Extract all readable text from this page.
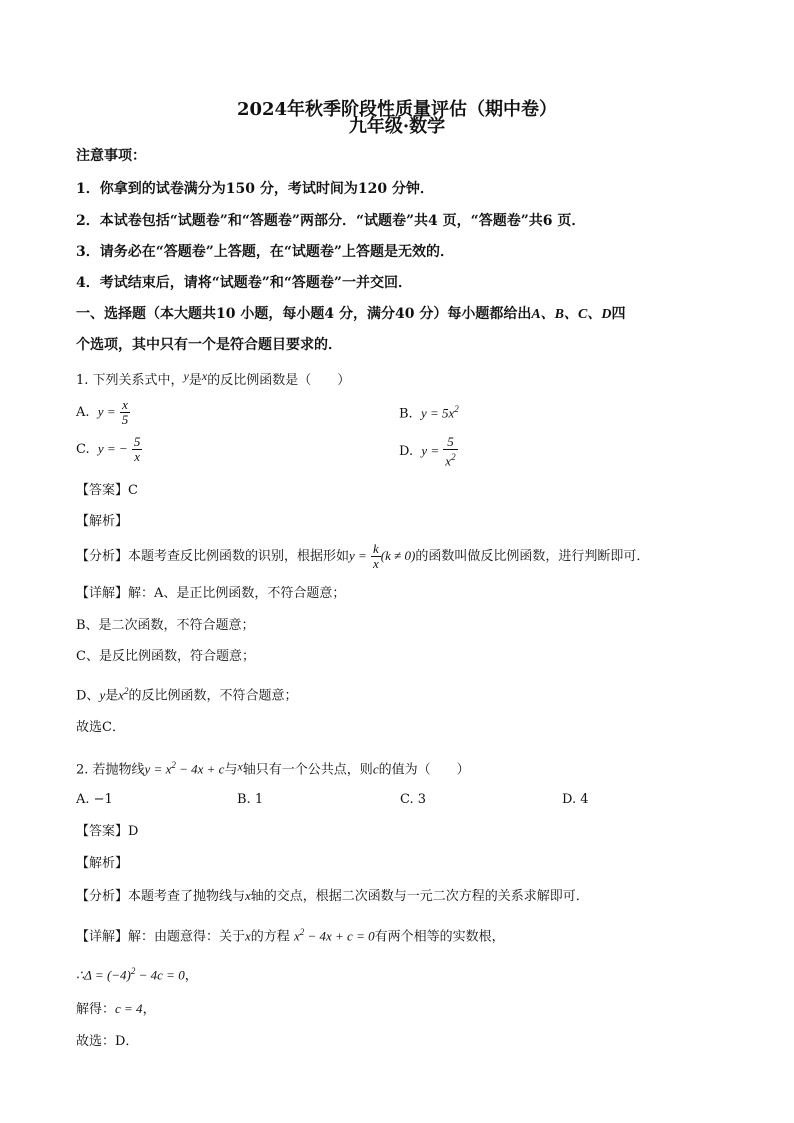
2024年秋季阶段性质量评估（期中卷）
九年级·数学
注意事项：
1．你拿到的试卷满分为150 分，考试时间为120 分钟．
2．本试卷包括“试题卷”和“答题卷”两部分．“试题卷”共4 页，“答题卷”共6 页．
3．请务必在“答题卷”上答题，在“试题卷”上答题是无效的．
4．考试结束后，请将“试题卷”和“答题卷”一并交回．
一、选择题（本大题共10 小题，每小题4 分，满分40 分）每小题都给出A、B、C、D四
个选项，其中只有一个是符合题目要求的．
1. 下列关系式中，y是x的反比例函数是（　　）
A. $y = \frac{x}{5}$	B. $y = 5x^2$
C. y = − $\frac{5}{x}$	D. $y = \frac{5}{x^2}$
【答案】C
【解析】
【分析】本题考查反比例函数的识别，根据形如$y = \frac{k}{x} (k \ne 0)$的函数叫做反比例函数，进行判断即可．
【详解】解：A、是正比例函数，不符合题意；
B、是二次函数，不符合题意；
C、是反比例函数，符合题意；
D、y是$x^2$的反比例函数，不符合题意；
故选C．
2. 若抛物线$y = x^2 - 4x + c$与x轴只有一个公共点，则c的值为（　　）
A. −1	B. 1	C. 3	D. 4
【答案】D
【解析】
【分析】本题考查了抛物线与x轴的交点，根据二次函数与一元二次方程的关系求解即可．
【详解】解：由题意得：关于x的方程 $x^2 - 4x + c = 0$有两个相等的实数根，
∴Δ = $(-4)^2 - 4c = 0$，
解得：c = 4，
故选：D．
